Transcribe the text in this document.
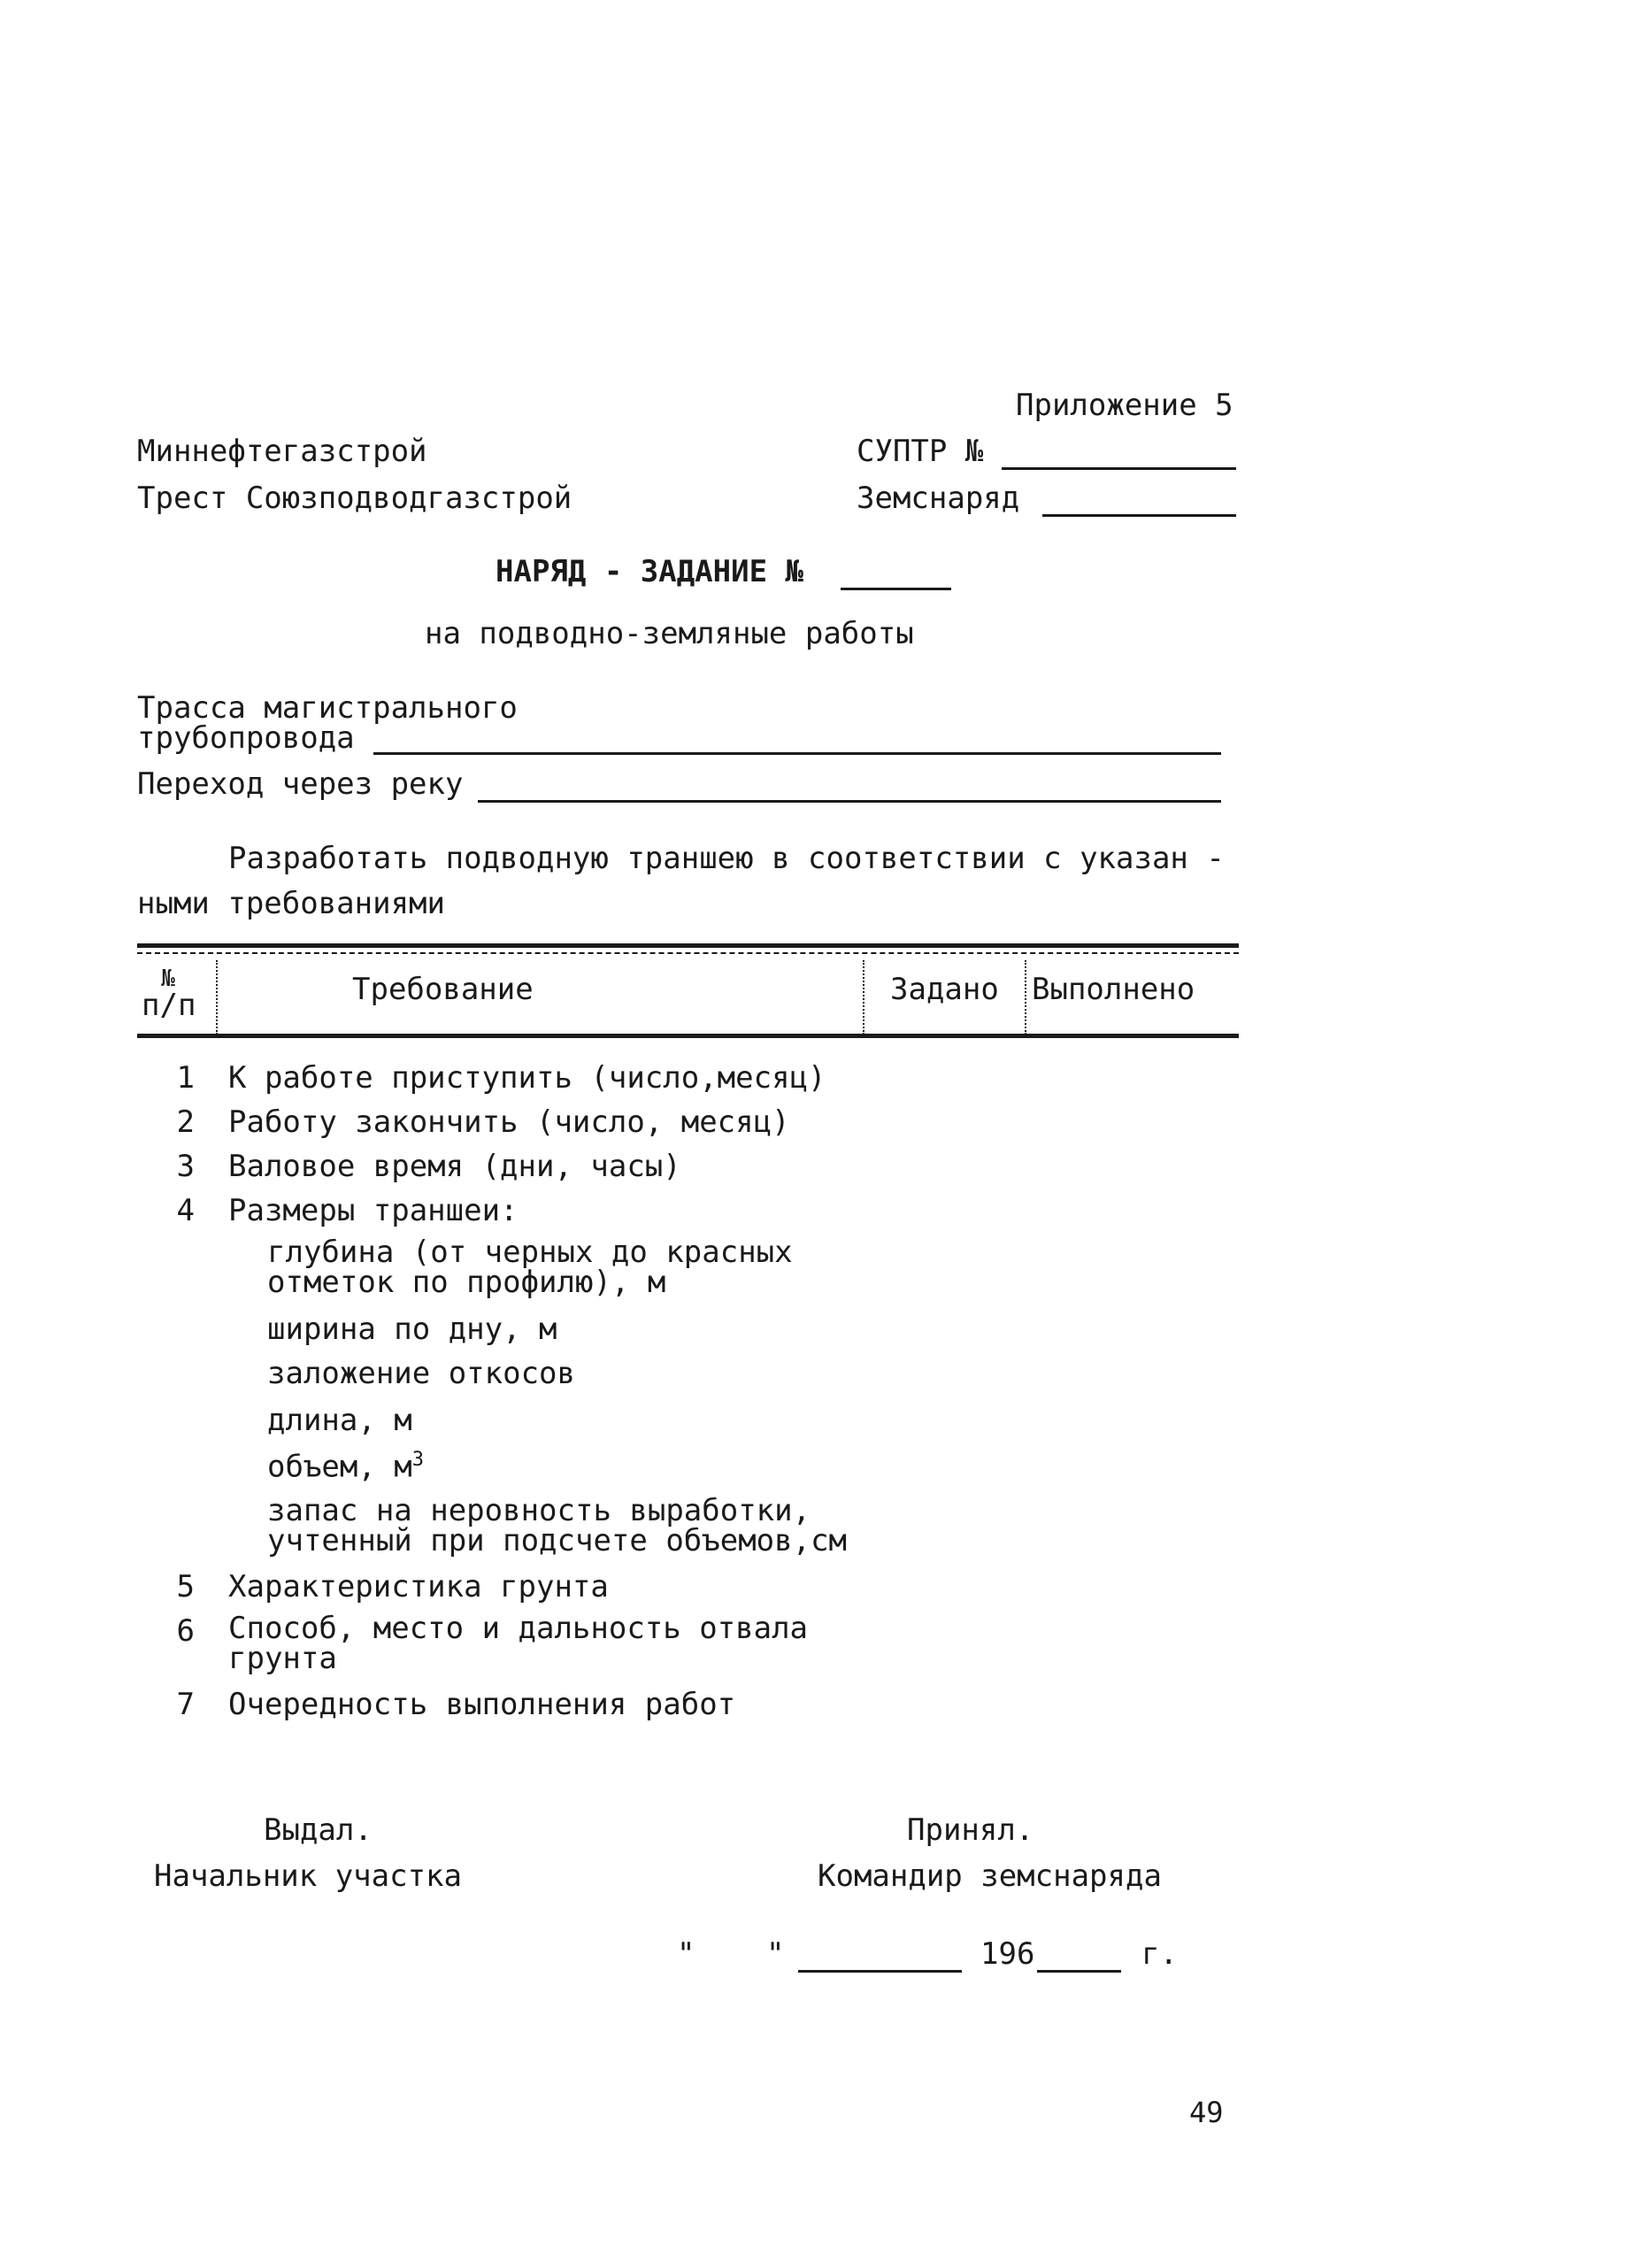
Приложение 5
Миннефтегазстрой	СУПТР №
Трест Союзподводгазстрой	Земснаряд
НАРЯД - ЗАДАНИЕ №
на подводно-земляные работы
Трасса магистрального
трубопровода
Переход через реку
Разработать подводную траншею в соответствии с указан -
ными требованиями
№
п/п	Требование	Задано Выполнено
1 К работе приступить (число,месяц)
2 Работу закончить (число, месяц)
3 Валовое время (дни, часы)
4 Размеры траншеи:
глубина (от черных до красных
отметок по профилю), м
ширина по дну, м
заложение откосов
длина, м
объем, $м^3$
запас на неровность выработки,
учтенный при подсчете объемов,см
5 Характеристика грунта
6 Способ, место и дальность отвала
грунта
7 Очередность выполнения работ
Выдал.
Начальник участка
Принял.
Командир земснаряда
" "	196	г.
49
